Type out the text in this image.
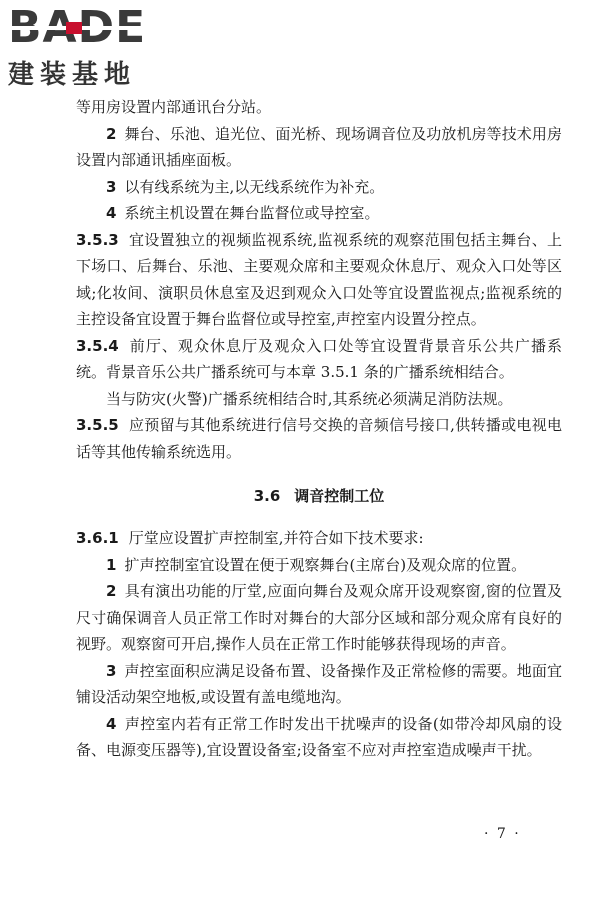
建装基地

等用房设置内部通讯台分站。

2 舞台、乐池、追光位、面光桥、现场调音位及功放机房等技术用房设置内部通讯插座面板。

3 以有线系统为主,以无线系统作为补充。

4 系统主机设置在舞台监督位或导控室。

3.5.3 宜设置独立的视频监视系统,监视系统的观察范围包括主舞台、上下场口、后舞台、乐池、主要观众席和主要观众休息厅、观众入口处等区域;化妆间、演职员休息室及迟到观众入口处等宜设置监视点;监视系统的主控设备宜设置于舞台监督位或导控室,声控室内设置分控点。

3.5.4 前厅、观众休息厅及观众入口处等宜设置背景音乐公共广播系统。背景音乐公共广播系统可与本章 3.5.1 条的广播系统相结合。

当与防灾(火警)广播系统相结合时,其系统必须满足消防法规。

3.5.5 应预留与其他系统进行信号交换的音频信号接口,供转播或电视电话等其他传输系统选用。

3.6 调音控制工位

3.6.1 厅堂应设置扩声控制室,并符合如下技术要求:

1 扩声控制室宜设置在便于观察舞台(主席台)及观众席的位置。

2 具有演出功能的厅堂,应面向舞台及观众席开设观察窗,窗的位置及尺寸确保调音人员正常工作时对舞台的大部分区域和部分观众席有良好的视野。观察窗可开启,操作人员在正常工作时能够获得现场的声音。

3 声控室面积应满足设备布置、设备操作及正常检修的需要。地面宜铺设活动架空地板,或设置有盖电缆地沟。

4 声控室内若有正常工作时发出干扰噪声的设备(如带冷却风扇的设备、电源变压器等),宜设置设备室;设备室不应对声控室造成噪声干扰。

· 7 ·
